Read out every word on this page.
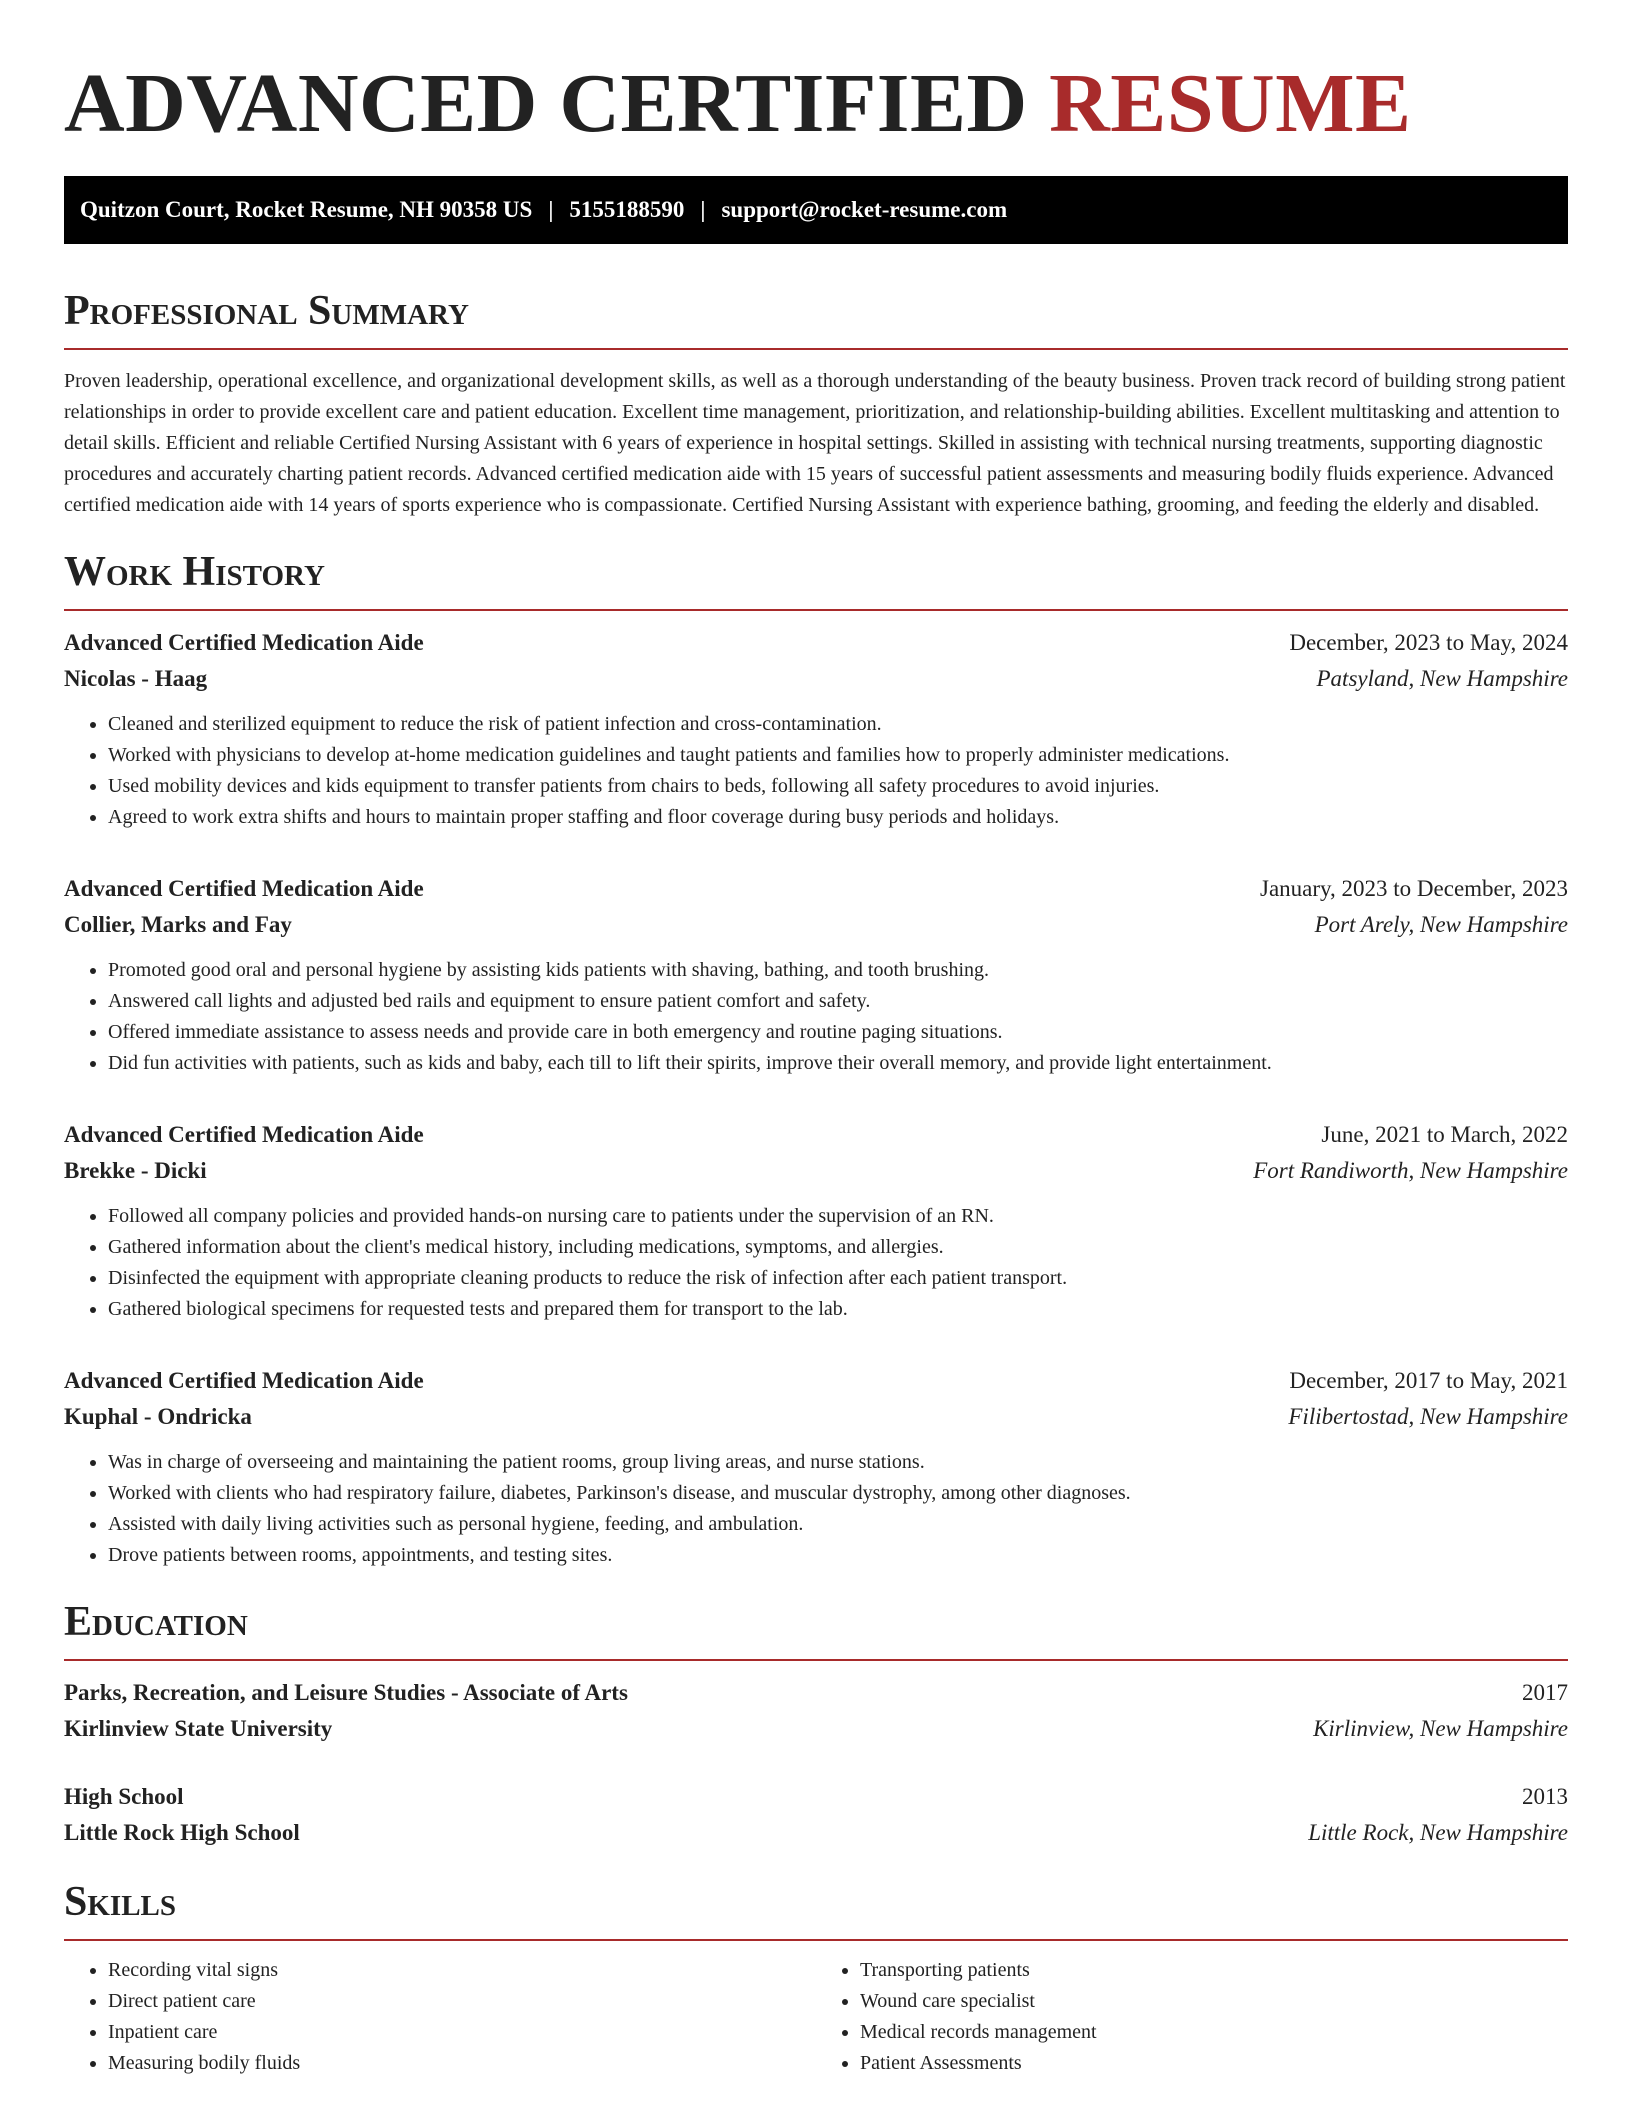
ADVANCED CERTIFIED RESUME
Quitzon Court, Rocket Resume, NH 90358 US | 5155188590 | support@rocket-resume.com
Professional Summary

Proven leadership, operational excellence, and organizational development skills, as well as a thorough understanding of the beauty business. Proven track record of building strong patient relationships in order to provide excellent care and patient education. Excellent time management, prioritization, and relationship-building abilities. Excellent multitasking and attention to detail skills. Efficient and reliable Certified Nursing Assistant with 6 years of experience in hospital settings. Skilled in assisting with technical nursing treatments, supporting diagnostic procedures and accurately charting patient records. Advanced certified medication aide with 15 years of successful patient assessments and measuring bodily fluids experience. Advanced certified medication aide with 14 years of sports experience who is compassionate. Certified Nursing Assistant with experience bathing, grooming, and feeding the elderly and disabled.

Work History
Advanced Certified Medication Aide	December, 2023 to May, 2024
Nicolas - Haag	Patsyland, New Hampshire
• Cleaned and sterilized equipment to reduce the risk of patient infection and cross-contamination.
• Worked with physicians to develop at-home medication guidelines and taught patients and families how to properly administer medications.
• Used mobility devices and kids equipment to transfer patients from chairs to beds, following all safety procedures to avoid injuries.
• Agreed to work extra shifts and hours to maintain proper staffing and floor coverage during busy periods and holidays.
Advanced Certified Medication Aide	January, 2023 to December, 2023
Collier, Marks and Fay	Port Arely, New Hampshire
• Promoted good oral and personal hygiene by assisting kids patients with shaving, bathing, and tooth brushing.
• Answered call lights and adjusted bed rails and equipment to ensure patient comfort and safety.
• Offered immediate assistance to assess needs and provide care in both emergency and routine paging situations.
• Did fun activities with patients, such as kids and baby, each till to lift their spirits, improve their overall memory, and provide light entertainment.
Advanced Certified Medication Aide	June, 2021 to March, 2022
Brekke - Dicki	Fort Randiworth, New Hampshire
• Followed all company policies and provided hands-on nursing care to patients under the supervision of an RN.
• Gathered information about the client's medical history, including medications, symptoms, and allergies.
• Disinfected the equipment with appropriate cleaning products to reduce the risk of infection after each patient transport.
• Gathered biological specimens for requested tests and prepared them for transport to the lab.
Advanced Certified Medication Aide	December, 2017 to May, 2021
Kuphal - Ondricka	Filibertostad, New Hampshire
• Was in charge of overseeing and maintaining the patient rooms, group living areas, and nurse stations.
• Worked with clients who had respiratory failure, diabetes, Parkinson's disease, and muscular dystrophy, among other diagnoses.
• Assisted with daily living activities such as personal hygiene, feeding, and ambulation.
• Drove patients between rooms, appointments, and testing sites.
Education
Parks, Recreation, and Leisure Studies - Associate of Arts	2017
Kirlinview State University	Kirlinview, New Hampshire
High School	2013
Little Rock High School	Little Rock, New Hampshire
Skills
• Recording vital signs
• Direct patient care
• Inpatient care
• Measuring bodily fluids
• Transporting patients
• Wound care specialist
• Medical records management
• Patient Assessments
